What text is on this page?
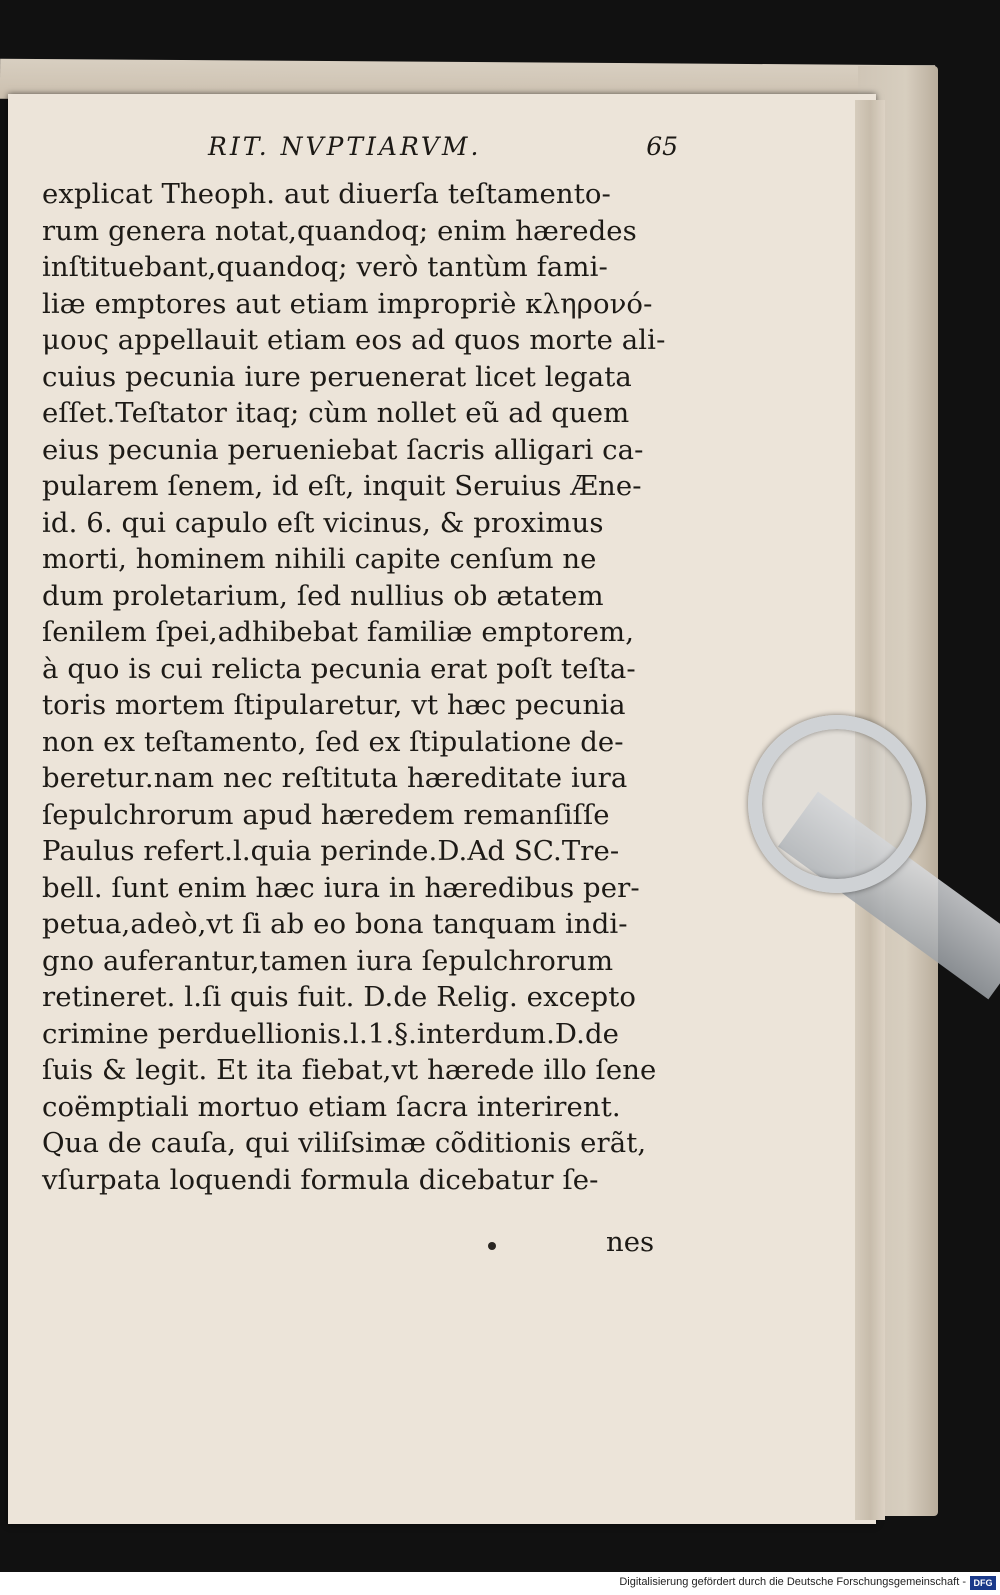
RIT. NVPTIARVM.	65
explicat Theoph. aut diuerſa teſtamento-
rum genera notat,quandoq; enim hæredes
inſtituebant,quandoq; verò tantùm fami-
liæ emptores aut etiam impropriè κληρονό-
μους appellauit etiam eos ad quos morte ali-
cuius pecunia iure peruenerat licet legata
eſſet.Teſtator itaq; cùm nollet eũ ad quem
eius pecunia perueniebat ſacris alligari ca-
pularem ſenem, id eſt, inquit Seruius Æne-
id. 6. qui capulo eſt vicinus, & proximus
morti, hominem nihili capite cenſum ne
dum proletarium, ſed nullius ob ætatem
ſenilem ſpei,adhibebat familiæ emptorem,
à quo is cui relicta pecunia erat poſt teſta-
toris mortem ſtipularetur, vt hæc pecunia
non ex teſtamento, ſed ex ſtipulatione de-
beretur.nam nec reſtituta hæreditate iura
ſepulchrorum apud hæredem remanſiſſe
Paulus refert.l.quia perinde.D.Ad SC.Tre-
bell. ſunt enim hæc iura in hæredibus per-
petua,adeò,vt ſi ab eo bona tanquam indi-
gno auferantur,tamen iura ſepulchrorum
retineret. l.ſi quis fuit. D.de Relig. excepto
crimine perduellionis.l.1.§.interdum.D.de
ſuis & legit. Et ita fiebat,vt hærede illo ſene
coëmptiali mortuo etiam ſacra interirent.
Qua de cauſa, qui viliſsimæ cõditionis erãt,
vſurpata loquendi formula dicebatur ſe-
nes
Digitalisierung gefördert durch die Deutsche Forschungsgemeinschaft - DFG
